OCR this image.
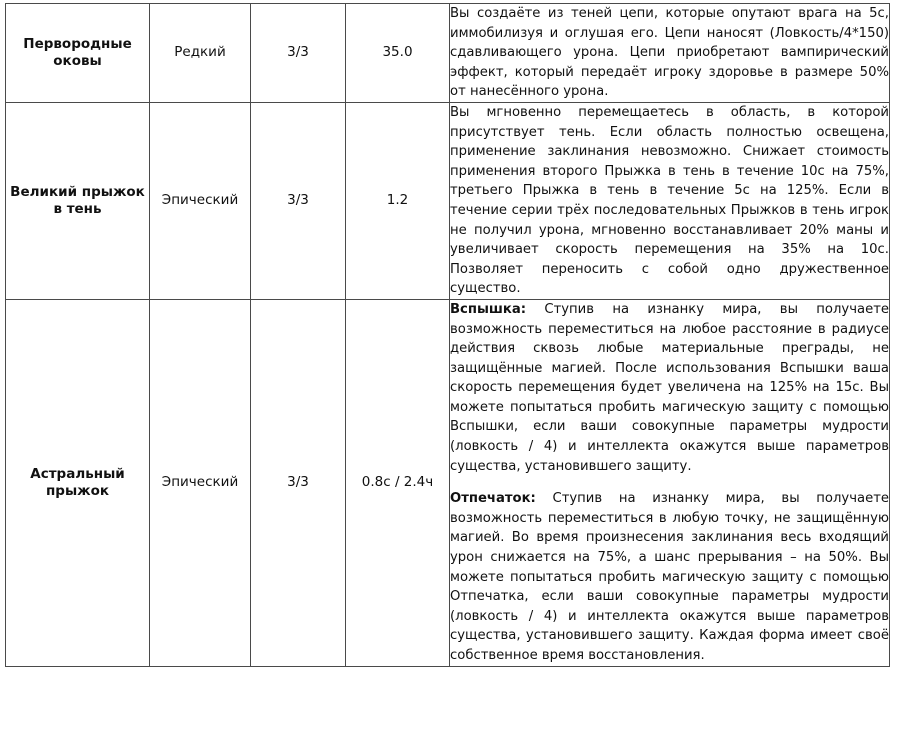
Первородные оковы	Редкий	3/3	35.0	Вы создаёте из теней цепи, которые опутают врага на 5с, иммобилизуя и оглушая его. Цепи наносят (Ловкость/4*150) сдавливающего урона. Цепи приобретают вампирический эффект, который передаёт игроку здоровье в размере 50% от нанесённого урона.

Великий прыжок в тень	Эпический	3/3	1.2	Вы мгновенно перемещаетесь в область, в которой присутствует тень. Если область полностью освещена, применение заклинания невозможно. Снижает стоимость применения второго Прыжка в тень в течение 10с на 75%, третьего Прыжка в тень в течение 5с на 125%. Если в течение серии трёх последовательных Прыжков в тень игрок не получил урона, мгновенно восстанавливает 20% маны и увеличивает скорость перемещения на 35% на 10с. Позволяет переносить с собой одно дружественное существо.

Астральный прыжок	Эпический	3/3	0.8с / 2.4ч	Вспышка: Ступив на изнанку мира, вы получаете возможность переместиться на любое расстояние в радиусе действия сквозь любые материальные преграды, не защищённые магией. После использования Вспышки ваша скорость перемещения будет увеличена на 125% на 15с. Вы можете попытаться пробить магическую защиту с помощью Вспышки, если ваши совокупные параметры мудрости (ловкость / 4) и интеллекта окажутся выше параметров существа, установившего защиту.

Отпечаток: Ступив на изнанку мира, вы получаете возможность переместиться в любую точку, не защищённую магией. Во время произнесения заклинания весь входящий урон снижается на 75%, а шанс прерывания – на 50%. Вы можете попытаться пробить магическую защиту с помощью Отпечатка, если ваши совокупные параметры мудрости (ловкость / 4) и интеллекта окажутся выше параметров существа, установившего защиту. Каждая форма имеет своё собственное время восстановления.
